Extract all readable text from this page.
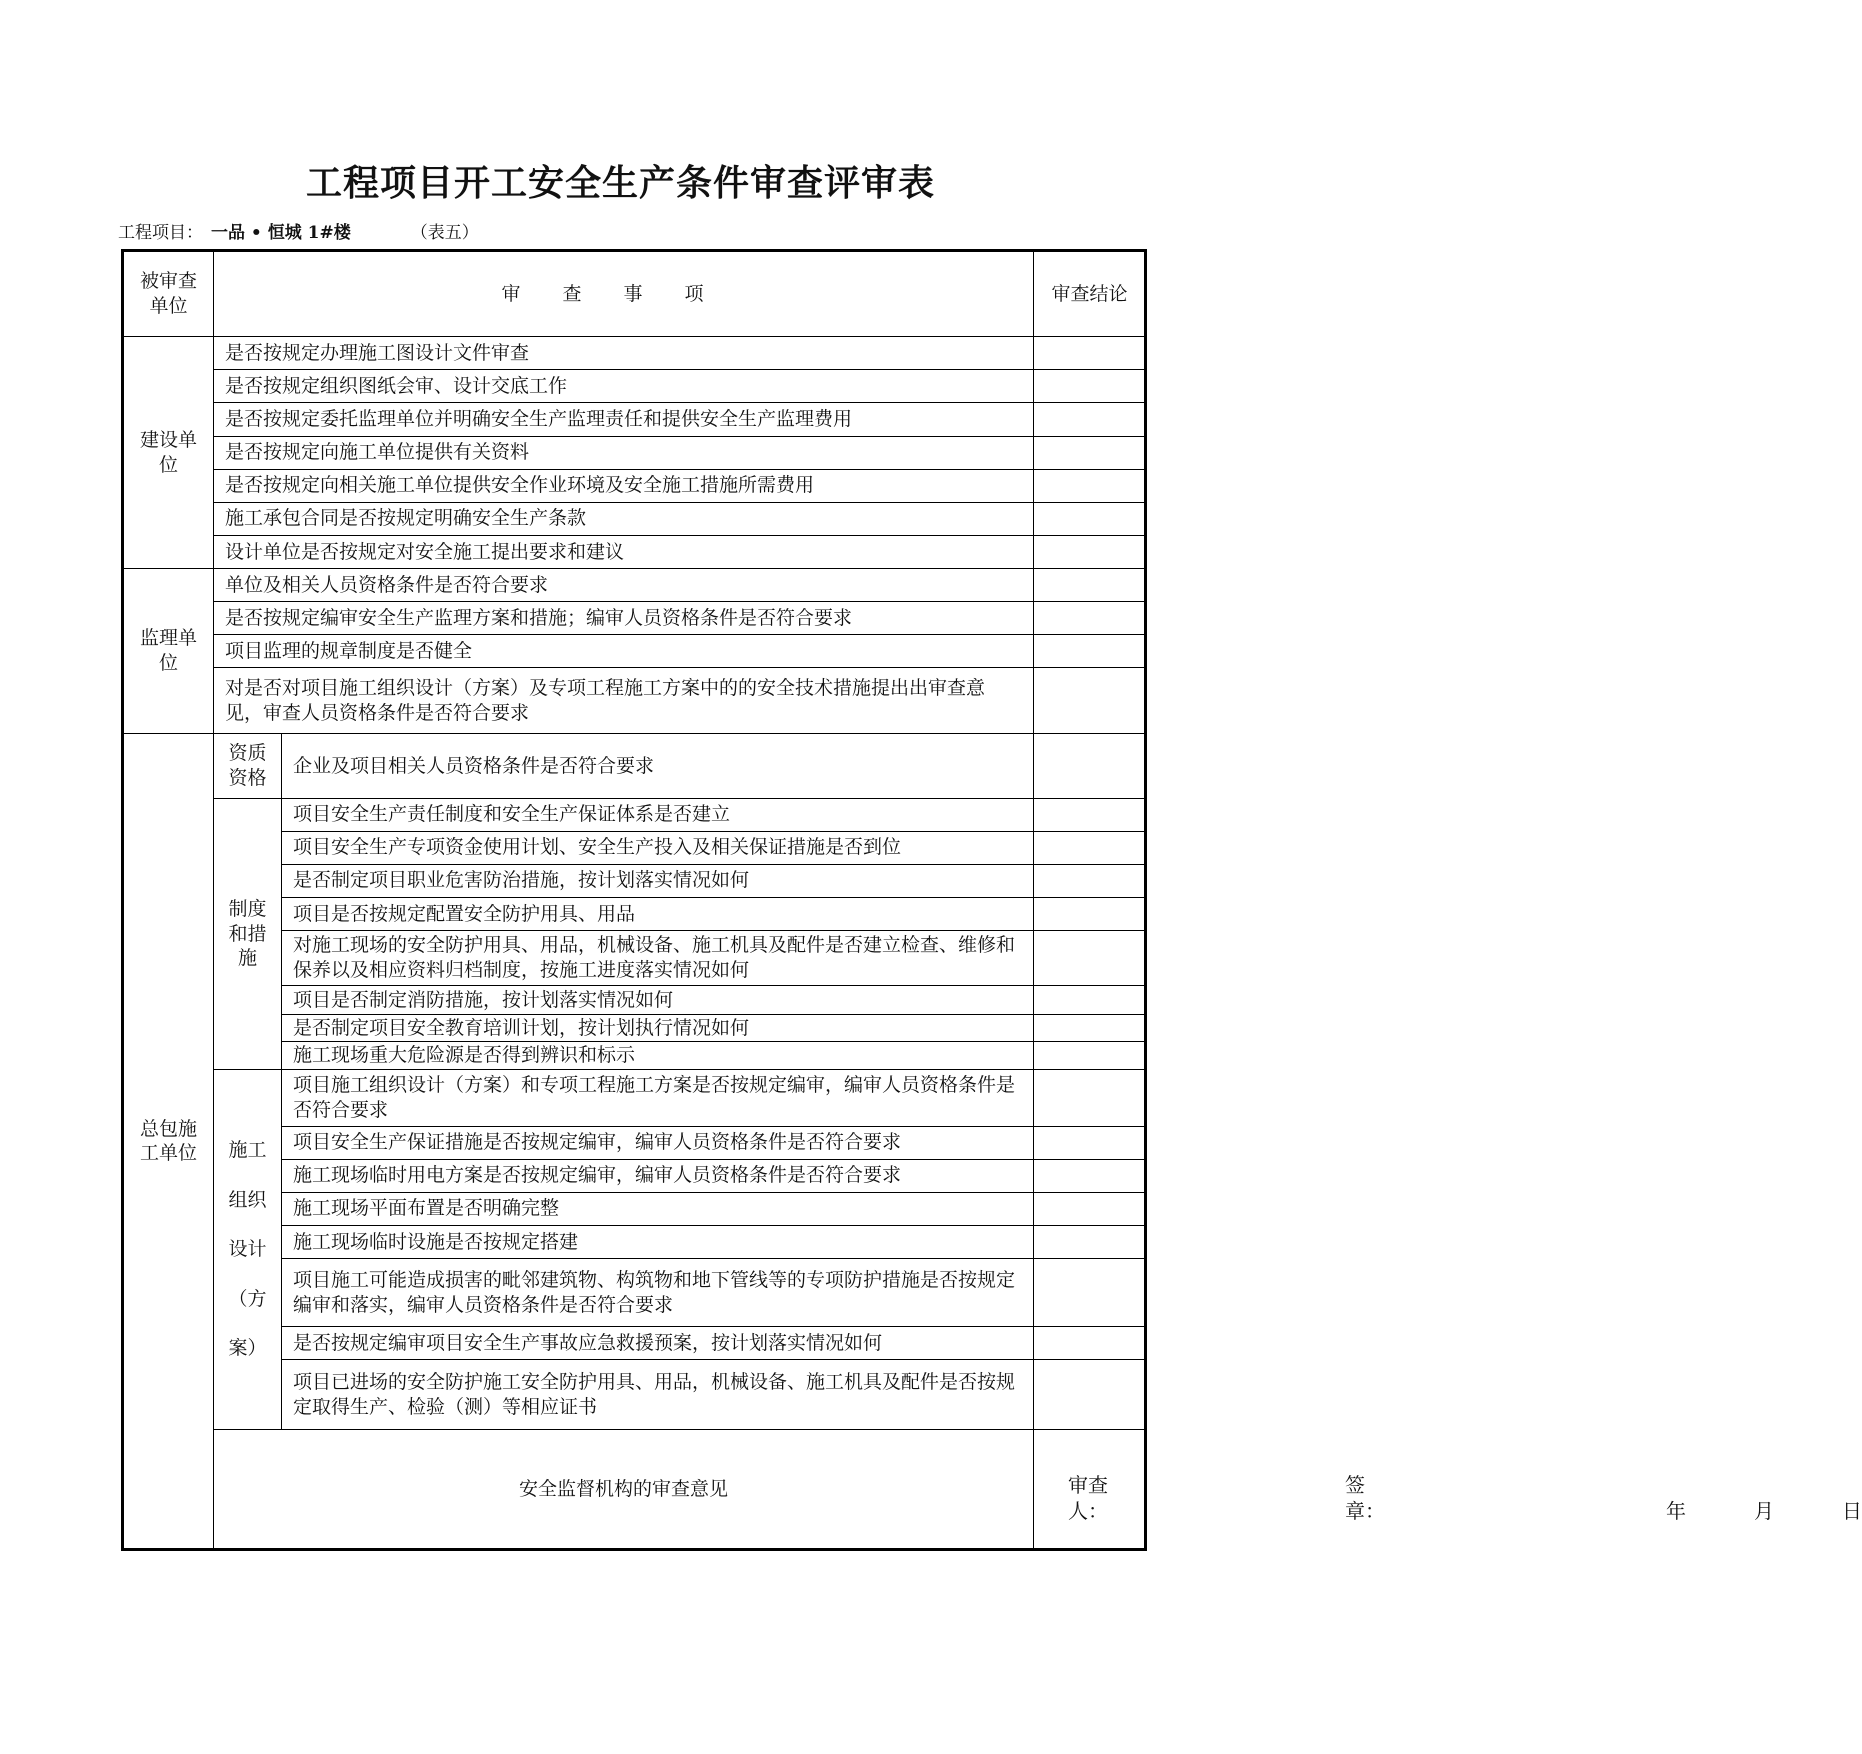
工程项目开工安全生产条件审查评审表
工程项目： 一品 • 恒城 1#楼	（表五）
被审查单位	审查事项		审查结论
建设单位	是否按规定办理施工图设计文件审查		
	是否按规定组织图纸会审、设计交底工作		
	是否按规定委托监理单位并明确安全生产监理责任和提供安全生产监理费用		
	是否按规定向施工单位提供有关资料		
	是否按规定向相关施工单位提供安全作业环境及安全施工措施所需费用		
	施工承包合同是否按规定明确安全生产条款		
	设计单位是否按规定对安全施工提出要求和建议		
监理单位	单位及相关人员资格条件是否符合要求		
	是否按规定编审安全生产监理方案和措施；编审人员资格条件是否符合要求		
	项目监理的规章制度是否健全		
	对是否对项目施工组织设计（方案）及专项工程施工方案中的的安全技术措施提出出审查意见，审查人员资格条件是否符合要求		
总包施工单位	资质资格	企业及项目相关人员资格条件是否符合要求	
	制度和措施	项目安全生产责任制度和安全生产保证体系是否建立	
		项目安全生产专项资金使用计划、安全生产投入及相关保证措施是否到位	
		是否制定项目职业危害防治措施，按计划落实情况如何	
		项目是否按规定配置安全防护用具、用品	
		对施工现场的安全防护用具、用品，机械设备、施工机具及配件是否建立检查、维修和保养以及相应资料归档制度，按施工进度落实情况如何	
		项目是否制定消防措施，按计划落实情况如何	
		是否制定项目安全教育培训计划，按计划执行情况如何	
		施工现场重大危险源是否得到辨识和标示	
	施工组织设计（方案）	项目施工组织设计（方案）和专项工程施工方案是否按规定编审，编审人员资格条件是否符合要求	
		项目安全生产保证措施是否按规定编审，编审人员资格条件是否符合要求	
		施工现场临时用电方案是否按规定编审，编审人员资格条件是否符合要求	
		施工现场平面布置是否明确完整	
		施工现场临时设施是否按规定搭建	
		项目施工可能造成损害的毗邻建筑物、构筑物和地下管线等的专项防护措施是否按规定编审和落实，编审人员资格条件是否符合要求	
		是否按规定编审项目安全生产事故应急救援预案，按计划落实情况如何	
		项目已进场的安全防护施工安全防护用具、用品，机械设备、施工机具及配件是否按规定取得生产、检验（测）等相应证书	
	安全监督机构的审查意见		审查人：
签章： 年 月 日
